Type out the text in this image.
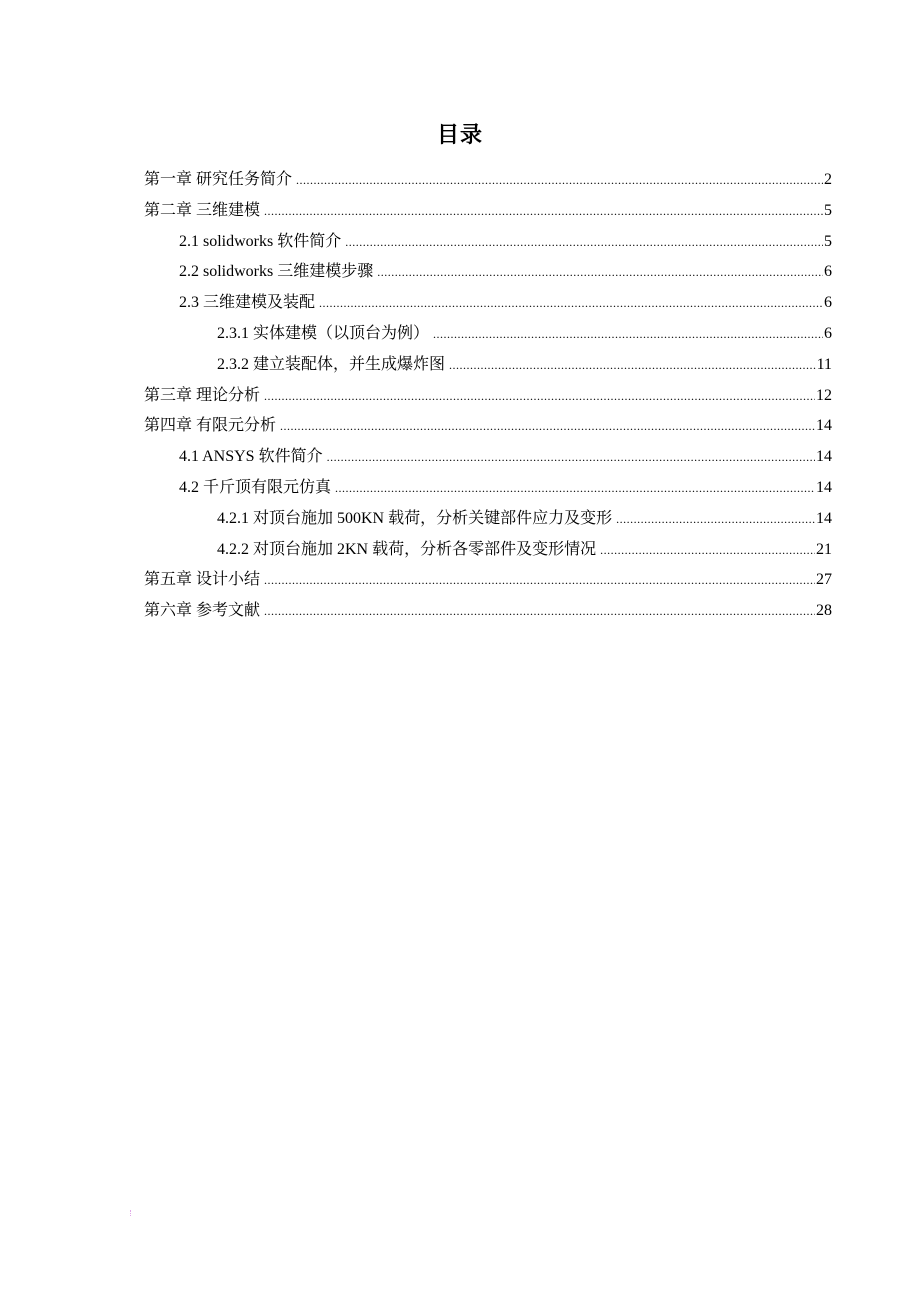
目录
第一章 研究任务简介 .....	2
第二章 三维建模 .....	5
2.1 solidworks 软件简介 .....	5
2.2 solidworks 三维建模步骤 .....	6
2.3 三维建模及装配 .....	6
2.3.1 实体建模（以顶台为例） .....	6
2.3.2 建立装配体，并生成爆炸图 .....	11
第三章 理论分析 .....	12
第四章 有限元分析 .....	14
4.1 ANSYS 软件简介 .....	14
4.2 千斤顶有限元仿真 .....	14
4.2.1 对顶台施加 500KN 载荷，分析关键部件应力及变形 .....	14
4.2.2 对顶台施加 2KN 载荷，分析各零部件及变形情况 .....	21
第五章 设计小结 .....	27
第六章 参考文献 .....	28
